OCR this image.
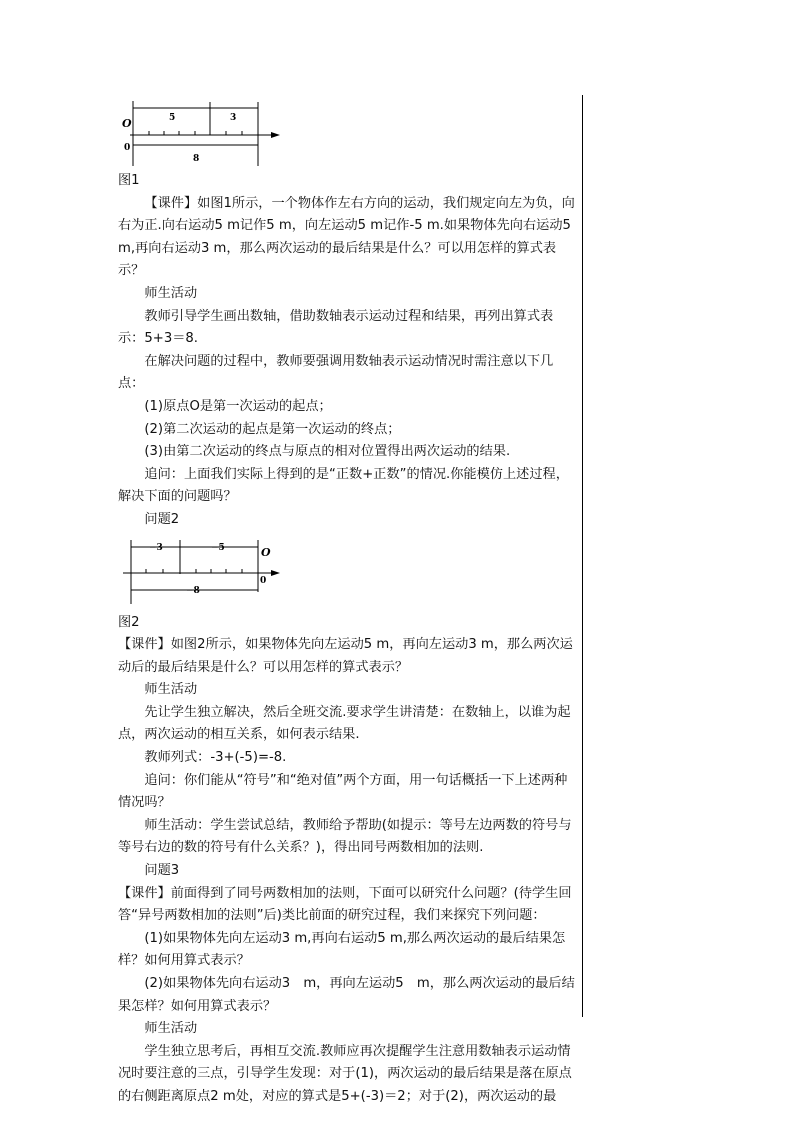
O
0
5	3
8

图1

【课件】如图1所示，一个物体作左右方向的运动，我们规定向左为负，向右为正.向右运动5 m记作5 m，向左运动5 m记作-5 m.如果物体先向右运动5 m,再向右运动3 m，那么两次运动的最后结果是什么？可以用怎样的算式表示？

师生活动

教师引导学生画出数轴，借助数轴表示运动过程和结果，再列出算式表示：5+3＝8.

在解决问题的过程中，教师要强调用数轴表示运动情况时需注意以下几点：

(1)原点O是第一次运动的起点；

(2)第二次运动的起点是第一次运动的终点；

(3)由第二次运动的终点与原点的相对位置得出两次运动的结果.

追问：上面我们实际上得到的是“正数+正数”的情况.你能模仿上述过程，解决下面的问题吗？

问题2

O
0
−3	−5
−8

图2

【课件】如图2所示，如果物体先向左运动5 m，再向左运动3 m，那么两次运动后的最后结果是什么？可以用怎样的算式表示？

师生活动

先让学生独立解决，然后全班交流.要求学生讲清楚：在数轴上，以谁为起点，两次运动的相互关系，如何表示结果.

教师列式：-3+(-5)=-8.

追问：你们能从“符号”和“绝对值”两个方面，用一句话概括一下上述两种情况吗？

师生活动：学生尝试总结，教师给予帮助(如提示：等号左边两数的符号与等号右边的数的符号有什么关系？)，得出同号两数相加的法则.

问题3

【课件】前面得到了同号两数相加的法则，下面可以研究什么问题？(待学生回答“异号两数相加的法则”后)类比前面的研究过程，我们来探究下列问题：

(1)如果物体先向左运动3 m,再向右运动5 m,那么两次运动的最后结果怎样？如何用算式表示？

(2)如果物体先向右运动3　m，再向左运动5　m，那么两次运动的最后结果怎样？如何用算式表示？

师生活动

学生独立思考后，再相互交流.教师应再次提醒学生注意用数轴表示运动情况时要注意的三点，引导学生发现：对于(1)，两次运动的最后结果是落在原点的右侧距离原点2 m处，对应的算式是5+(-3)＝2；对于(2)，两次运动的最
